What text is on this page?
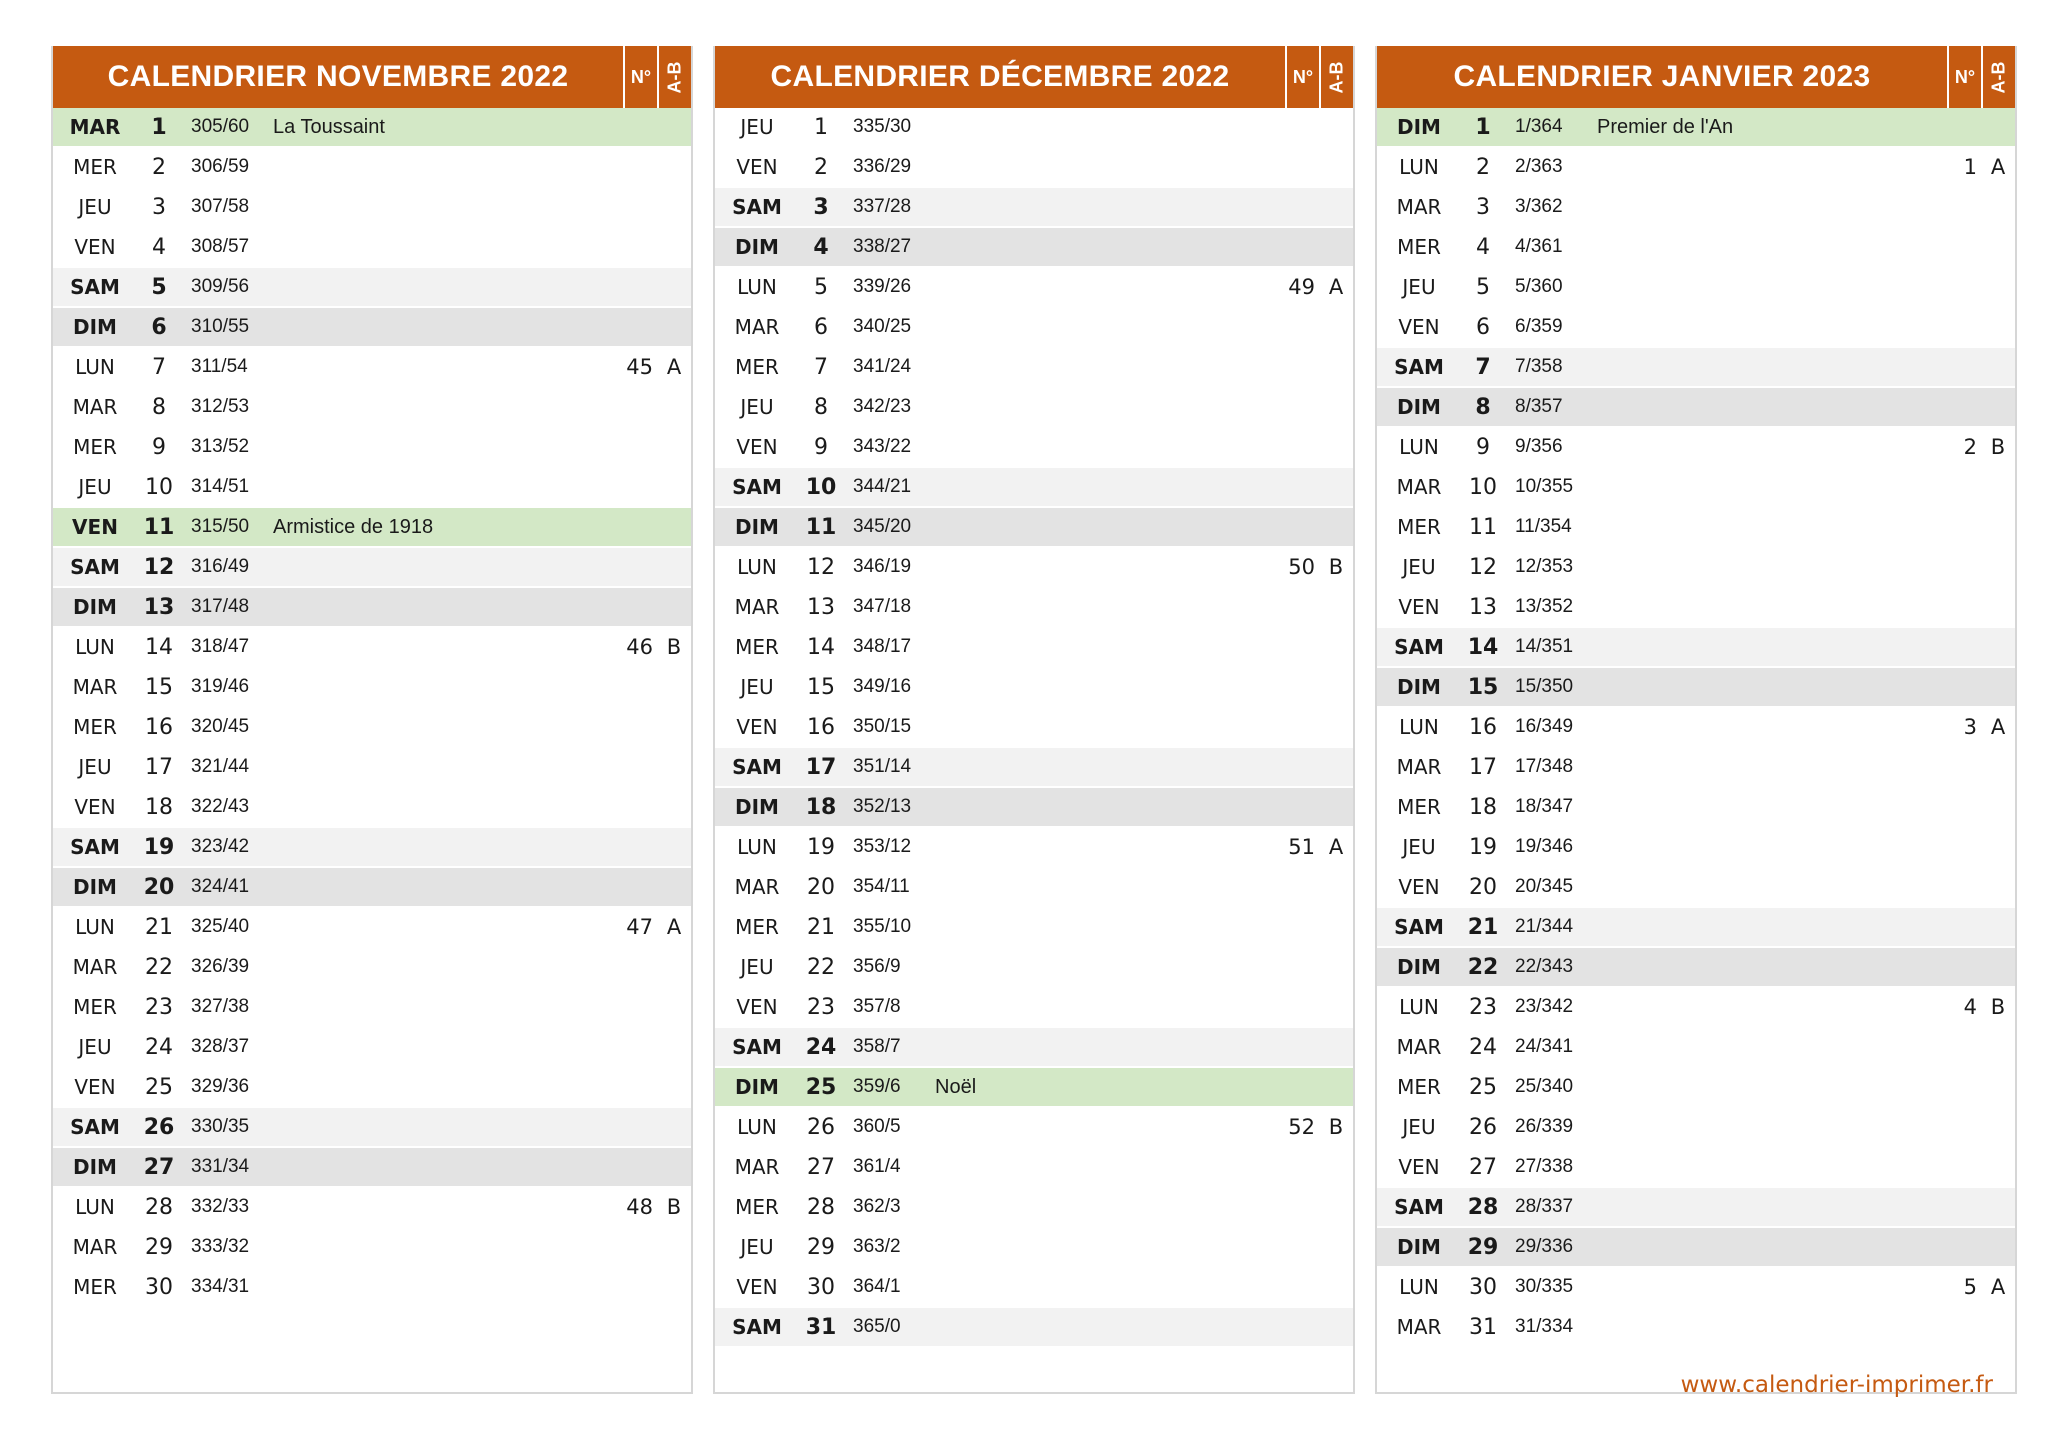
CALENDRIER NOVEMBRE 2022	N° A-B
MAR	1	305/60	La Toussaint
MER	2	306/59
JEU	3	307/58
VEN	4	308/57
SAM	5	309/56
DIM	6	310/55
LUN	7	311/54	45 A
MAR	8	312/53
MER	9	313/52
JEU	10 314/51
VEN	11 315/50	Armistice de 1918
SAM	12 316/49
DIM	13 317/48
LUN	14 318/47	46 B
MAR	15 319/46
MER	16 320/45
JEU	17 321/44
VEN	18 322/43
SAM	19 323/42
DIM	20 324/41
LUN	21 325/40	47 A
MAR	22 326/39
MER	23 327/38
JEU	24 328/37
VEN	25 329/36
SAM	26 330/35
DIM	27 331/34
LUN	28 332/33	48 B
MAR	29 333/32
MER	30 334/31
CALENDRIER DÉCEMBRE 2022	N° A-B
JEU	1	335/30
VEN	2	336/29
SAM	3	337/28
DIM	4	338/27
LUN	5	339/26	49 A
MAR	6	340/25
MER	7	341/24
JEU	8	342/23
VEN	9	343/22
SAM	10 344/21
DIM	11 345/20
LUN	12 346/19	50 B
MAR	13 347/18
MER	14 348/17
JEU	15 349/16
VEN	16 350/15
SAM	17 351/14
DIM	18 352/13
LUN	19 353/12	51 A
MAR	20 354/11
MER	21 355/10
JEU	22 356/9
VEN	23 357/8
SAM	24 358/7
DIM	25 359/6	Noël
LUN	26 360/5	52 B
MAR	27 361/4
MER	28 362/3
JEU	29 363/2
VEN	30 364/1
SAM	31 365/0
CALENDRIER JANVIER 2023	N° A-B
DIM	1	1/364	Premier de l'An
LUN	2	2/363	1 A
MAR	3	3/362
MER	4	4/361
JEU	5	5/360
VEN	6	6/359
SAM	7	7/358
DIM	8	8/357
LUN	9	9/356	2 B
MAR	10 10/355
MER	11 11/354
JEU	12 12/353
VEN	13 13/352
SAM	14 14/351
DIM	15 15/350
LUN	16 16/349	3 A
MAR	17 17/348
MER	18 18/347
JEU	19 19/346
VEN	20 20/345
SAM	21 21/344
DIM	22 22/343
LUN	23 23/342	4 B
MAR	24 24/341
MER	25 25/340
JEU	26 26/339
VEN	27 27/338
SAM	28 28/337
DIM	29 29/336
LUN	30 30/335	5 A
MAR	31 31/334
www.calendrier-imprimer.fr
